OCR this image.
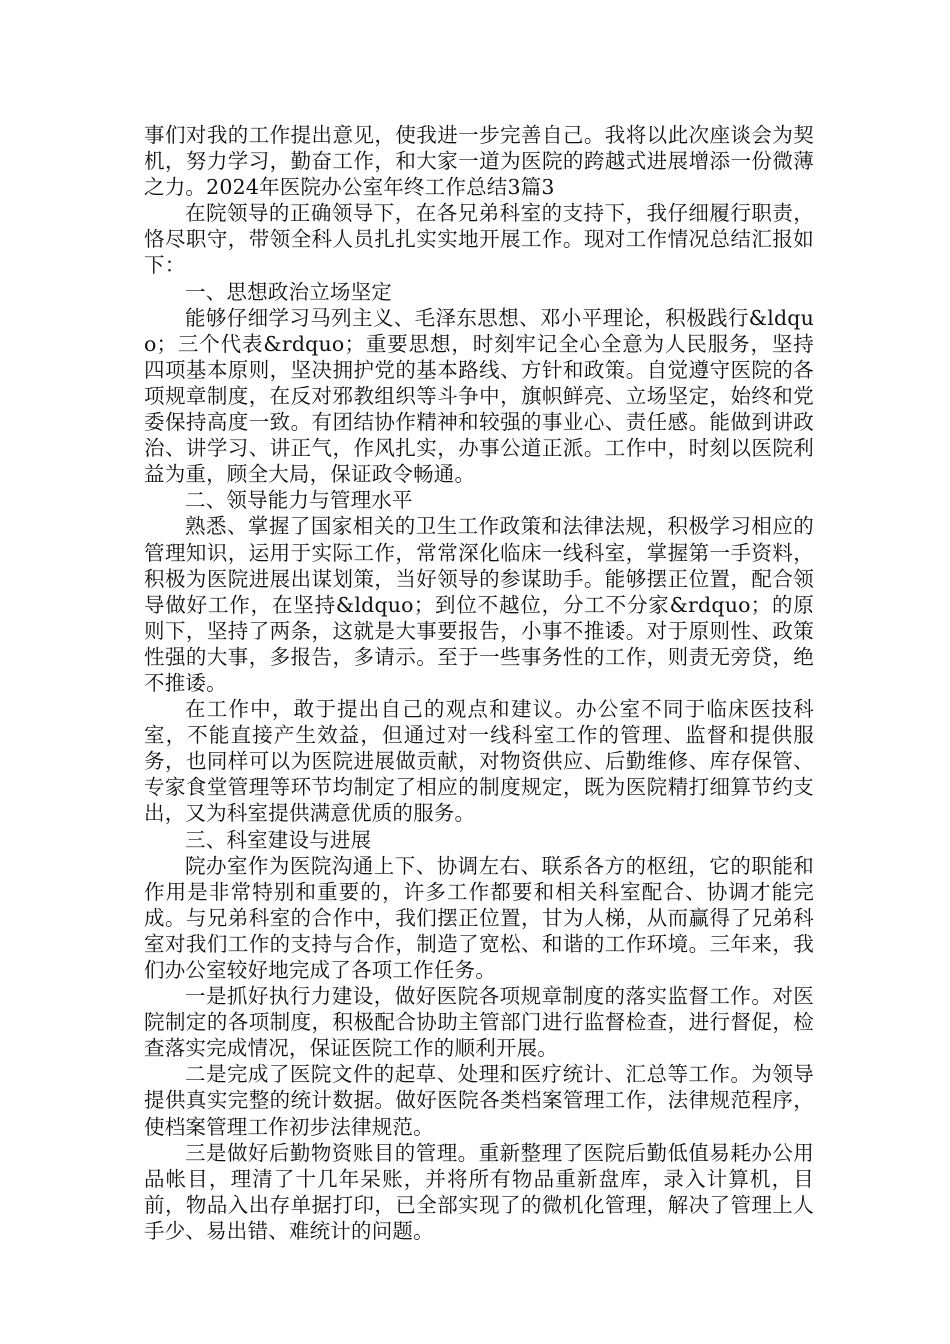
事们对我的工作提出意见，使我进一步完善自己。我将以此次座谈会为契机，努力学习，勤奋工作，和大家一道为医院的跨越式进展增添一份微薄之力。2024年医院办公室年终工作总结3篇3

在院领导的正确领导下，在各兄弟科室的支持下，我仔细履行职责，恪尽职守，带领全科人员扎扎实实地开展工作。现对工作情况总结汇报如下：

一、思想政治立场坚定

能够仔细学习马列主义、毛泽东思想、邓小平理论，积极践行&ldquo；三个代表&rdquo；重要思想，时刻牢记全心全意为人民服务，坚持四项基本原则，坚决拥护党的基本路线、方针和政策。自觉遵守医院的各项规章制度，在反对邪教组织等斗争中，旗帜鲜亮、立场坚定，始终和党委保持高度一致。有团结协作精神和较强的事业心、责任感。能做到讲政治、讲学习、讲正气，作风扎实，办事公道正派。工作中，时刻以医院利益为重，顾全大局，保证政令畅通。

二、领导能力与管理水平

熟悉、掌握了国家相关的卫生工作政策和法律法规，积极学习相应的管理知识，运用于实际工作，常常深化临床一线科室，掌握第一手资料，积极为医院进展出谋划策，当好领导的参谋助手。能够摆正位置，配合领导做好工作，在坚持&ldquo；到位不越位，分工不分家&rdquo；的原则下，坚持了两条，这就是大事要报告，小事不推诿。对于原则性、政策性强的大事，多报告，多请示。至于一些事务性的工作，则责无旁贷，绝不推诿。

在工作中，敢于提出自己的观点和建议。办公室不同于临床医技科室，不能直接产生效益，但通过对一线科室工作的管理、监督和提供服务，也同样可以为医院进展做贡献，对物资供应、后勤维修、库存保管、专家食堂管理等环节均制定了相应的制度规定，既为医院精打细算节约支出，又为科室提供满意优质的服务。

三、科室建设与进展

院办室作为医院沟通上下、协调左右、联系各方的枢纽，它的职能和作用是非常特别和重要的，许多工作都要和相关科室配合、协调才能完成。与兄弟科室的合作中，我们摆正位置，甘为人梯，从而赢得了兄弟科室对我们工作的支持与合作，制造了宽松、和谐的工作环境。三年来，我们办公室较好地完成了各项工作任务。

一是抓好执行力建设，做好医院各项规章制度的落实监督工作。对医院制定的各项制度，积极配合协助主管部门进行监督检查，进行督促，检查落实完成情况，保证医院工作的顺利开展。

二是完成了医院文件的起草、处理和医疗统计、汇总等工作。为领导提供真实完整的统计数据。做好医院各类档案管理工作，法律规范程序，使档案管理工作初步法律规范。

三是做好后勤物资账目的管理。重新整理了医院后勤低值易耗办公用品帐目，理清了十几年呆账，并将所有物品重新盘库，录入计算机，目前，物品入出存单据打印，已全部实现了的微机化管理，解决了管理上人手少、易出错、难统计的问题。
